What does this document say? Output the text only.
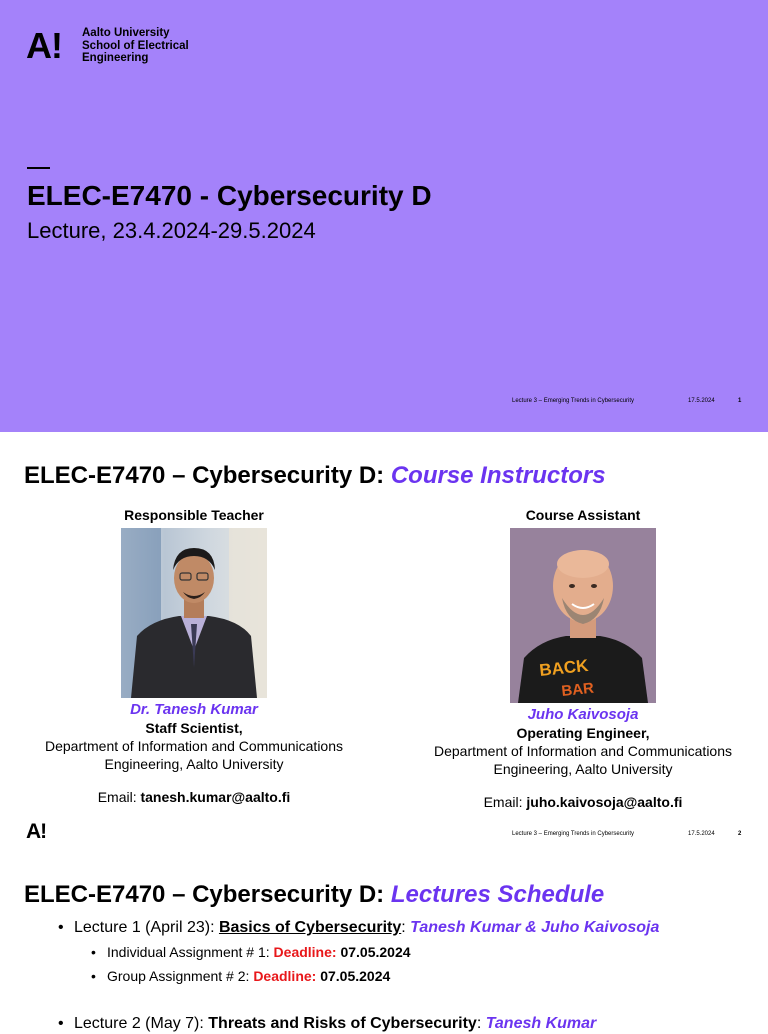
A! Aalto University
School of Electrical
Engineering
ELEC-E7470 - Cybersecurity D
Lecture, 23.4.2024-29.5.2024
Lecture 3 – Emerging Trends in Cybersecurity	17.5.2024	1
ELEC-E7470 – Cybersecurity D: Course Instructors
Responsible Teacher
Dr. Tanesh Kumar
Staff Scientist,
Department of Information and Communications
Engineering, Aalto University
Email: tanesh.kumar@aalto.fi
Course Assistant
BACK
BAR
Juho Kaivosoja
Operating Engineer,
Department of Information and Communications
Engineering, Aalto University
Email: juho.kaivosoja@aalto.fi
Lecture 3 – Emerging Trends in Cybersecurity	17.5.2024	2
A!
ELEC-E7470 – Cybersecurity D: Lectures Schedule
• Lecture 1 (April 23): Basics of Cybersecurity: Tanesh Kumar & Juho Kaivosoja
• Individual Assignment # 1: Deadline: 07.05.2024
• Group Assignment # 2: Deadline: 07.05.2024
• Lecture 2 (May 7): Threats and Risks of Cybersecurity: Tanesh Kumar
